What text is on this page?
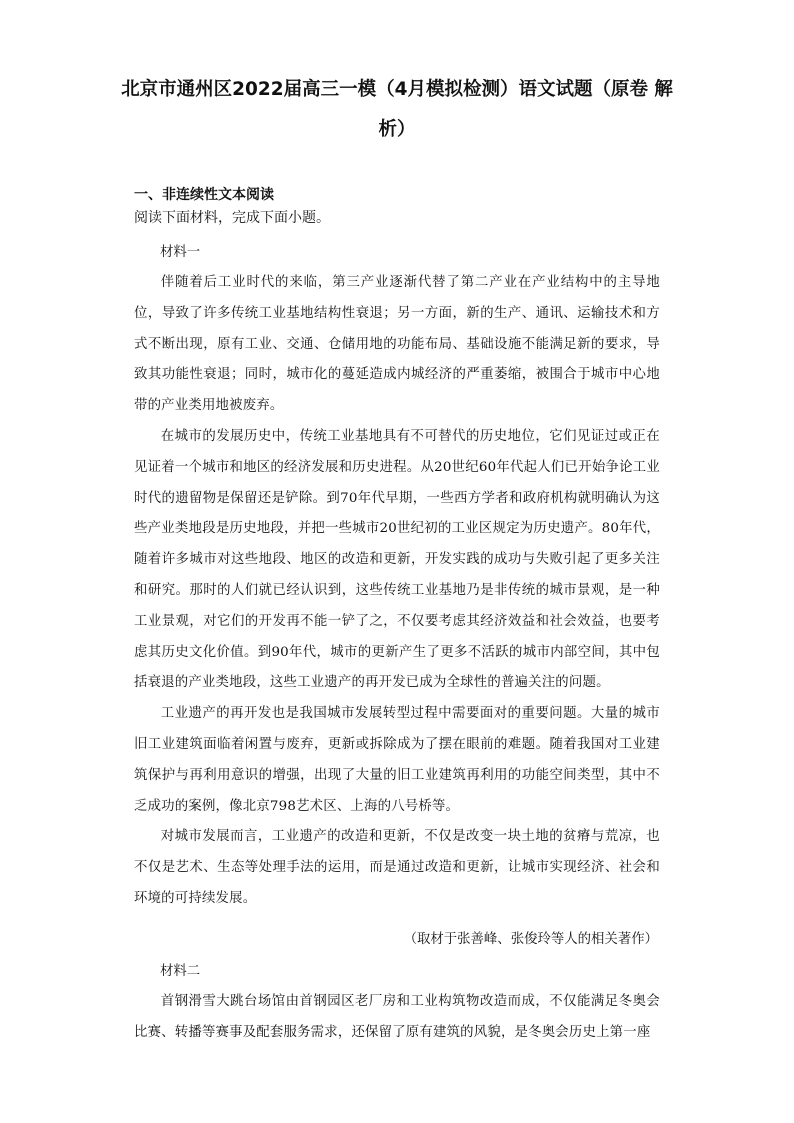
北京市通州区2022届高三一模（4月模拟检测）语文试题（原卷 解析）
一、非连续性文本阅读
阅读下面材料，完成下面小题。
材料一

伴随着后工业时代的来临，第三产业逐渐代替了第二产业在产业结构中的主导地位，导致了许多传统工业基地结构性衰退；另一方面，新的生产、通讯、运输技术和方式不断出现，原有工业、交通、仓储用地的功能布局、基础设施不能满足新的要求，导致其功能性衰退；同时，城市化的蔓延造成内城经济的严重萎缩，被围合于城市中心地带的产业类用地被废弃。

在城市的发展历史中，传统工业基地具有不可替代的历史地位，它们见证过或正在见证着一个城市和地区的经济发展和历史进程。从20世纪60年代起人们已开始争论工业时代的遗留物是保留还是铲除。到70年代早期，一些西方学者和政府机构就明确认为这些产业类地段是历史地段，并把一些城市20世纪初的工业区规定为历史遗产。80年代，随着许多城市对这些地段、地区的改造和更新，开发实践的成功与失败引起了更多关注和研究。那时的人们就已经认识到，这些传统工业基地乃是非传统的城市景观，是一种工业景观，对它们的开发再不能一铲了之，不仅要考虑其经济效益和社会效益，也要考虑其历史文化价值。到90年代，城市的更新产生了更多不活跃的城市内部空间，其中包括衰退的产业类地段，这些工业遗产的再开发已成为全球性的普遍关注的问题。

工业遗产的再开发也是我国城市发展转型过程中需要面对的重要问题。大量的城市旧工业建筑面临着闲置与废弃，更新或拆除成为了摆在眼前的难题。随着我国对工业建筑保护与再利用意识的增强，出现了大量的旧工业建筑再利用的功能空间类型，其中不乏成功的案例，像北京798艺术区、上海的八号桥等。

对城市发展而言，工业遗产的改造和更新，不仅是改变一块土地的贫瘠与荒凉，也不仅是艺术、生态等处理手法的运用，而是通过改造和更新，让城市实现经济、社会和环境的可持续发展。

（取材于张善峰、张俊玲等人的相关著作）
材料二

首钢滑雪大跳台场馆由首钢园区老厂房和工业构筑物改造而成，不仅能满足冬奥会比赛、转播等赛事及配套服务需求，还保留了原有建筑的风貌，是冬奥会历史上第一座
